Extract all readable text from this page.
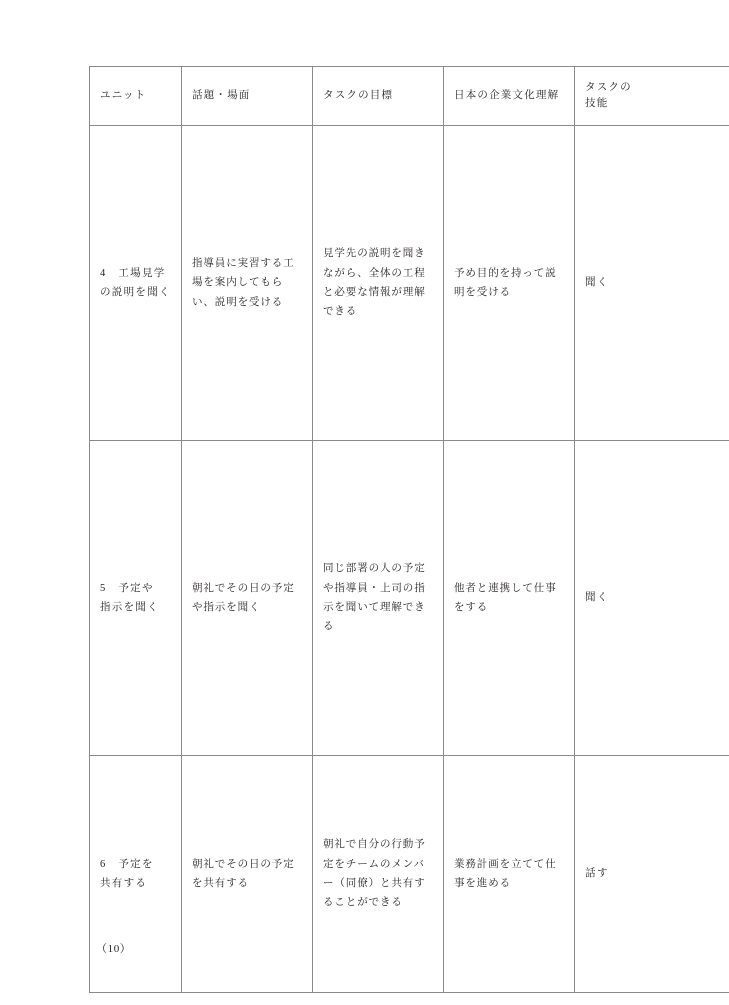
ユニット	話題・場面	タスクの目標	日本の企業文化理解	タスクの
技能

4　工場見学
の説明を聞く	指導員に実習する工場を案内してもらい、説明を受ける	見学先の説明を聞きながら、全体の工程と必要な情報が理解できる	予め目的を持って説明を受ける	聞く

5　予定や
指示を聞く	朝礼でその日の予定や指示を聞く	同じ部署の人の予定や指導員・上司の指示を聞いて理解できる	他者と連携して仕事をする	聞く

6　予定を
共有する	朝礼でその日の予定を共有する	朝礼で自分の行動予定をチームのメンバー（同僚）と共有することができる	業務計画を立てて仕事を進める	話す
（10）
